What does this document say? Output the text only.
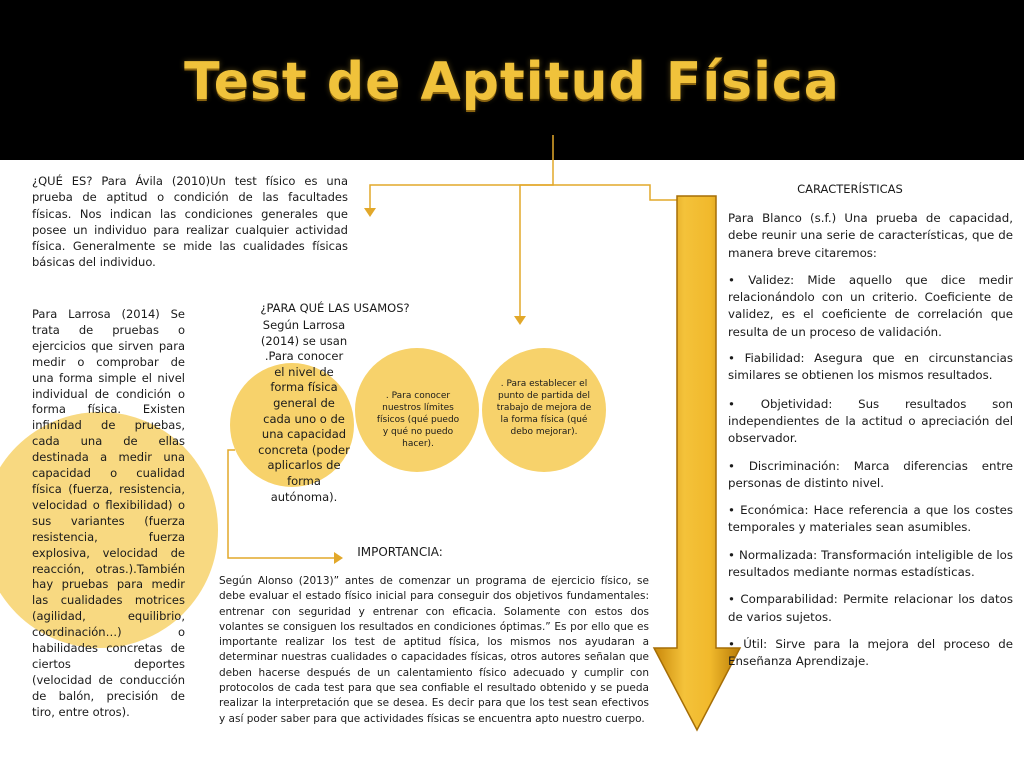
Test de Aptitud Física

¿QUÉ ES? Para Ávila (2010)Un test físico es una prueba de aptitud o condición de las facultades físicas. Nos indican las condiciones generales que posee un individuo para realizar cualquier actividad física. Generalmente se mide las cualidades físicas básicas del individuo.

Para Larrosa (2014) Se trata de pruebas o ejercicios que sirven para medir o comprobar de una forma simple el nivel individual de condición o forma física. Existen infinidad de pruebas, cada una de ellas destinada a medir una capacidad o cualidad física (fuerza, resistencia, velocidad o flexibilidad) o sus variantes (fuerza resistencia, fuerza explosiva, velocidad de reacción, otras.).También hay pruebas para medir las cualidades motrices (agilidad, equilibrio, coordinación…) o habilidades concretas de ciertos deportes (velocidad de conducción de balón, precisión de tiro, entre otros).

¿PARA QUÉ LAS USAMOS?
Según Larrosa (2014) se usan .Para conocer el nivel de forma física general de cada uno o de una capacidad concreta (poder aplicarlos de forma autónoma).
. Para conocer nuestros límites físicos (qué puedo y qué no puedo hacer).
. Para establecer el punto de partida del trabajo de mejora de la forma física (qué debo mejorar).
IMPORTANCIA:

Según Alonso (2013)” antes de comenzar un programa de ejercicio físico, se debe evaluar el estado físico inicial para conseguir dos objetivos fundamentales: entrenar con seguridad y entrenar con eficacia. Solamente con estos dos volantes se consiguen los resultados en condiciones óptimas.” Es por ello que es importante realizar los test de aptitud física, los mismos nos ayudaran a determinar nuestras cualidades o capacidades físicas, otros autores señalan que deben hacerse después de un calentamiento físico adecuado y cumplir con protocolos de cada test para que sea confiable el resultado obtenido y se pueda realizar la interpretación que se desea. Es decir para que los test sean efectivos y así poder saber para que actividades físicas se encuentra apto nuestro cuerpo.

CARACTERÍSTICAS

Para Blanco (s.f.) Una prueba de capacidad, debe reunir una serie de características, que de manera breve citaremos:

• Validez: Mide aquello que dice medir relacionándolo con un criterio. Coeficiente de validez, es el coeficiente de correlación que resulta de un proceso de validación.

• Fiabilidad: Asegura que en circunstancias similares se obtienen los mismos resultados.

• Objetividad: Sus resultados son independientes de la actitud o apreciación del observador.

• Discriminación: Marca diferencias entre personas de distinto nivel.

• Económica: Hace referencia a que los costes temporales y materiales sean asumibles.

• Normalizada: Transformación inteligible de los resultados mediante normas estadísticas.

• Comparabilidad: Permite relacionar los datos de varios sujetos.

• Útil: Sirve para la mejora del proceso de Enseñanza Aprendizaje.
